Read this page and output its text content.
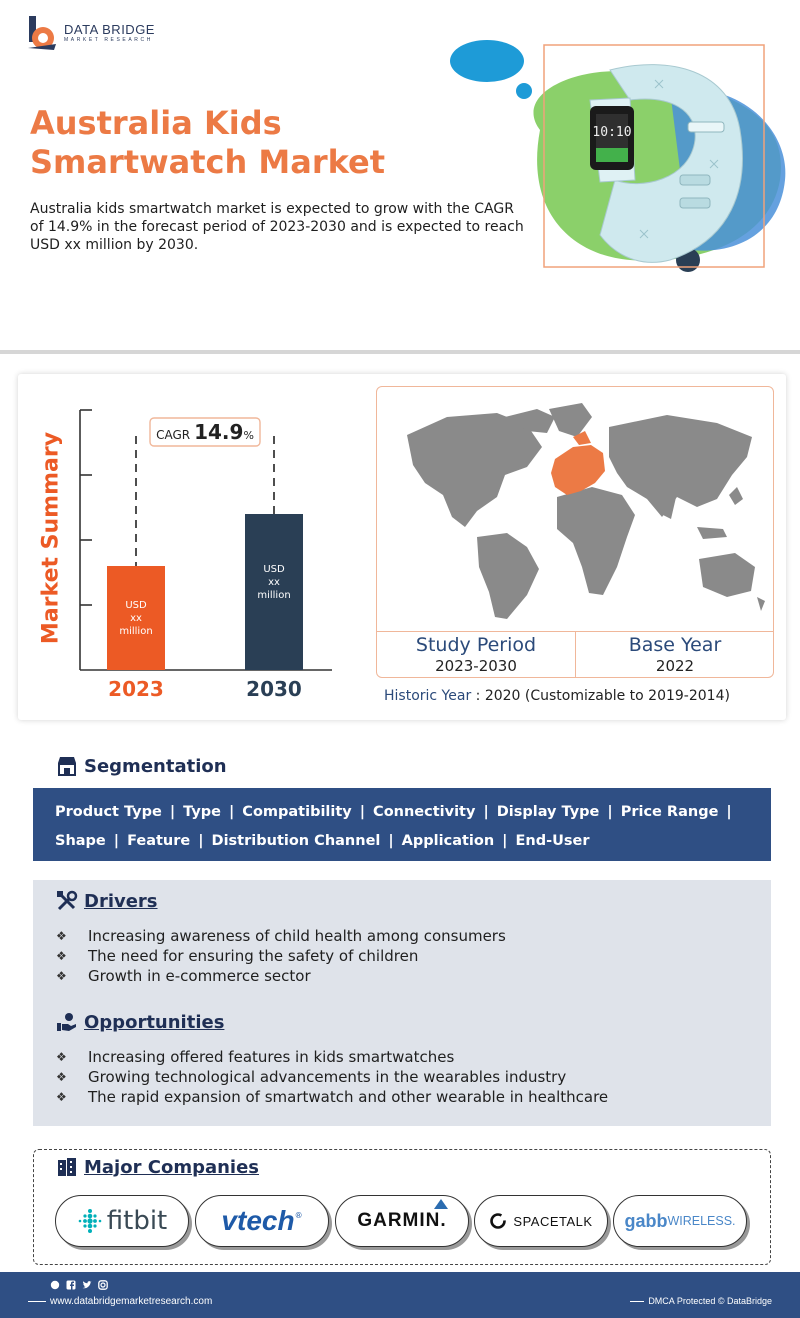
DATA BRIDGE
MARKET RESEARCH
Australia Kids Smartwatch Market

Australia kids smartwatch market is expected to grow with the CAGR of 14.9% in the forecast period of 2023-2030 and is expected to reach USD xx million by 2030.

10:10
Market Summary	USD xx million
2023
USD xx million
2030
CAGR 14.9%
Study Period
2023-2030
Base Year
2022
Historic Year : 2020 (Customizable to 2019-2014)
Segmentation
Product Type | Type | Compatibility | Connectivity | Display Type | Price Range |
Shape | Feature | Distribution Channel | Application | End-User
Drivers
❖	Increasing awareness of child health among consumers
❖	The need for ensuring the safety of children
❖	Growth in e-commerce sector
Opportunities
❖	Increasing offered features in kids smartwatches
❖	Growing technological advancements in the wearables industry
❖	The rapid expansion of smartwatch and other wearable in healthcare
Major Companies
fitbit vtech ®	GARMIN.	SPACETALK gabb WIRELESS.
www.databridgemarketresearch.com	DMCA Protected © DataBridge
